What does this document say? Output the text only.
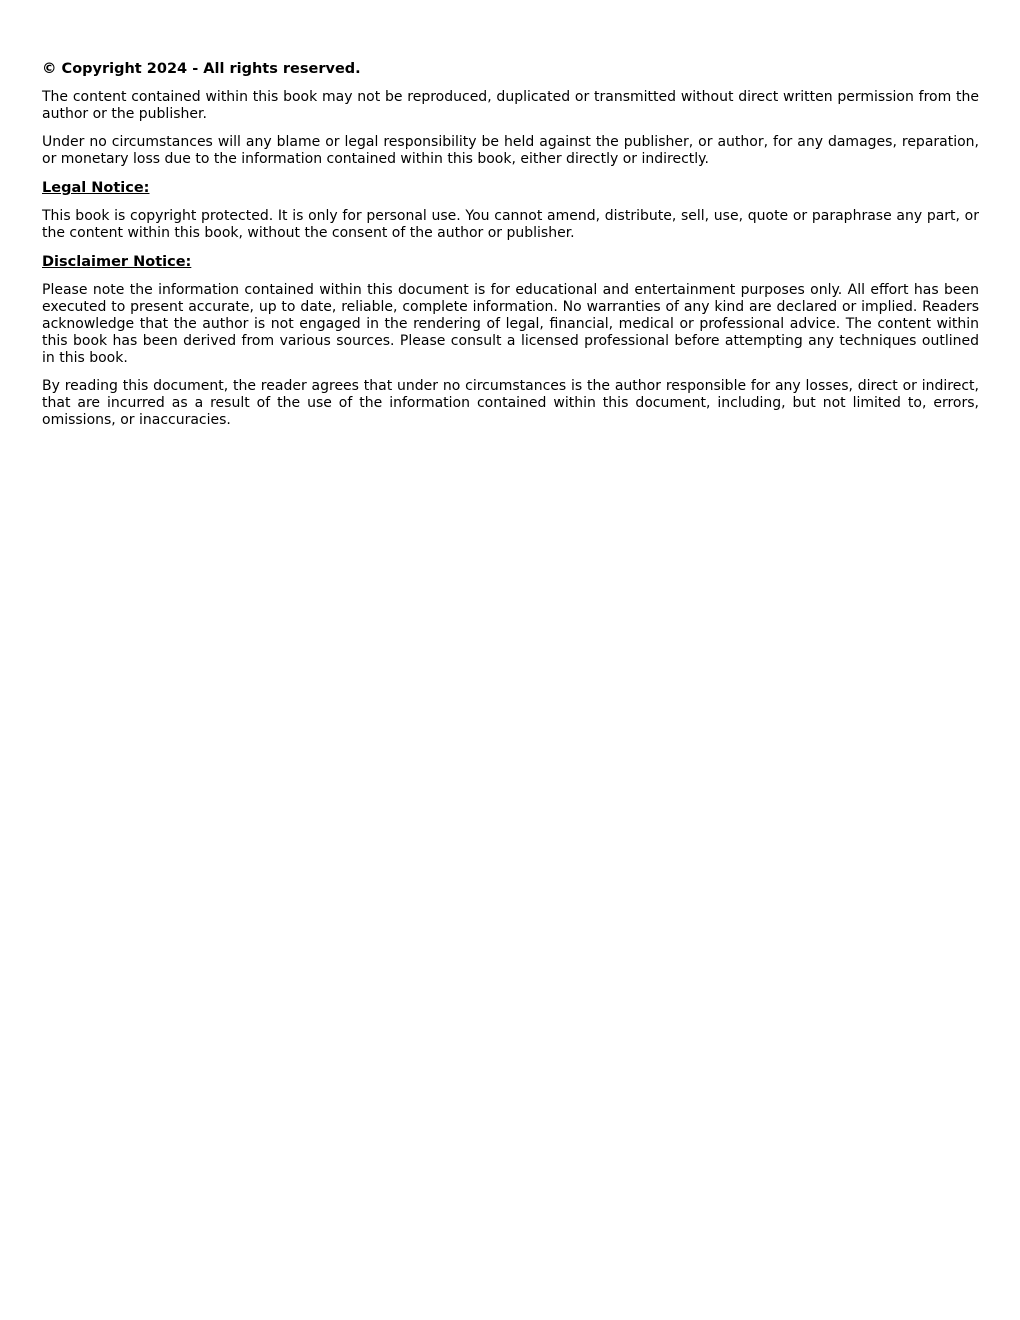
© Copyright 2024 - All rights reserved.

The content contained within this book may not be reproduced, duplicated or transmitted without direct written permission from the author or the publisher.

Under no circumstances will any blame or legal responsibility be held against the publisher, or author, for any damages, reparation, or monetary loss due to the information contained within this book, either directly or indirectly.

Legal Notice:

This book is copyright protected. It is only for personal use. You cannot amend, distribute, sell, use, quote or paraphrase any part, or the content within this book, without the consent of the author or publisher.

Disclaimer Notice:

Please note the information contained within this document is for educational and entertainment purposes only. All effort has been executed to present accurate, up to date, reliable, complete information. No warranties of any kind are declared or implied. Readers acknowledge that the author is not engaged in the rendering of legal, financial, medical or professional advice. The content within this book has been derived from various sources. Please consult a licensed professional before attempting any techniques outlined in this book.

By reading this document, the reader agrees that under no circumstances is the author responsible for any losses, direct or indirect, that are incurred as a result of the use of the information contained within this document, including, but not limited to, errors, omissions, or inaccuracies.
